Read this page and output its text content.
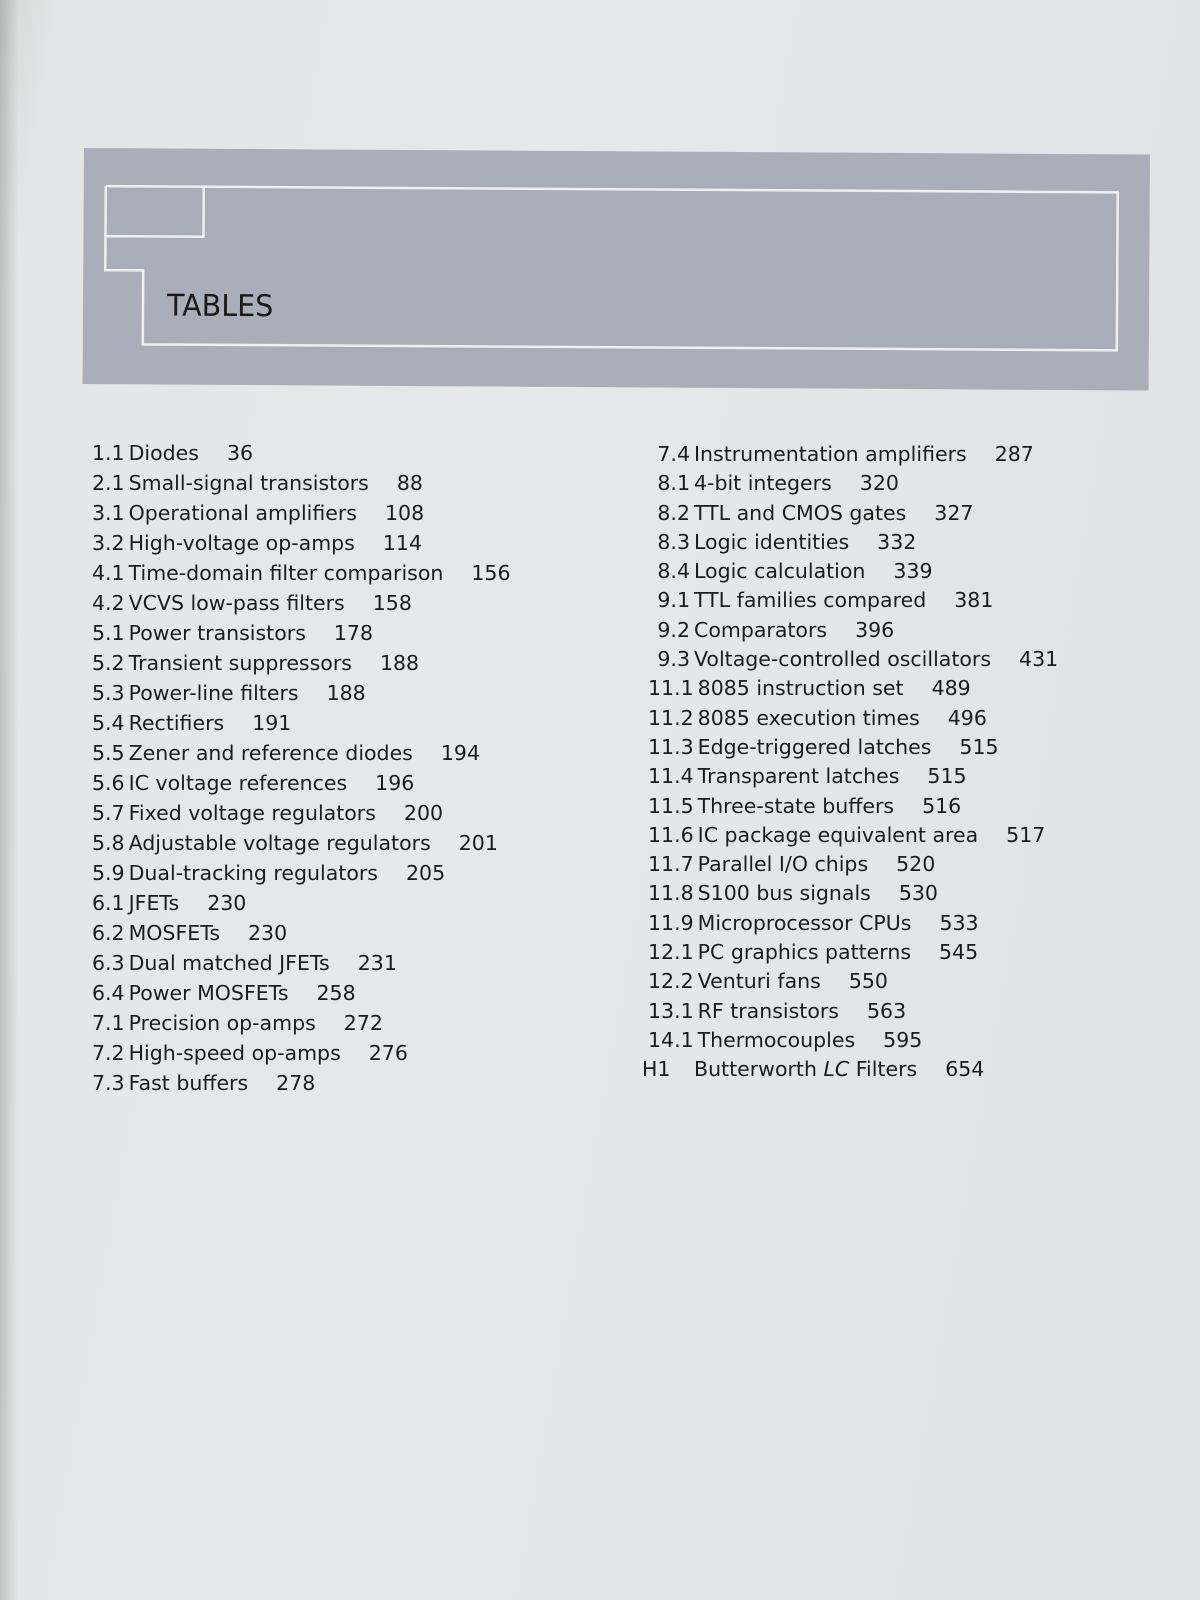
TABLES
1.1 Diodes 36
2.1 Small-signal transistors 88
3.1 Operational amplifiers 108
3.2 High-voltage op-amps 114
4.1 Time-domain filter comparison 156
4.2 VCVS low-pass filters 158
5.1 Power transistors 178
5.2 Transient suppressors 188
5.3 Power-line filters 188
5.4 Rectifiers 191
5.5 Zener and reference diodes 194
5.6 IC voltage references 196
5.7 Fixed voltage regulators 200
5.8 Adjustable voltage regulators 201
5.9 Dual-tracking regulators 205
6.1 JFETs 230
6.2 MOSFETs 230
6.3 Dual matched JFETs 231
6.4 Power MOSFETs 258
7.1 Precision op-amps 272
7.2 High-speed op-amps 276
7.3 Fast buffers 278
7.4 Instrumentation amplifiers 287
8.1 4-bit integers 320
8.2 TTL and CMOS gates 327
8.3 Logic identities 332
8.4 Logic calculation 339
9.1 TTL families compared 381
9.2 Comparators 396
9.3 Voltage-controlled oscillators 431
11.1 8085 instruction set 489
11.2 8085 execution times 496
11.3 Edge-triggered latches 515
11.4 Transparent latches 515
11.5 Three-state buffers 516
11.6 IC package equivalent area 517
11.7 Parallel I/O chips 520
11.8 S100 bus signals 530
11.9 Microprocessor CPUs 533
12.1 PC graphics patterns 545
12.2 Venturi fans 550
13.1 RF transistors 563
14.1 Thermocouples 595
H1 Butterworth LC Filters 654
